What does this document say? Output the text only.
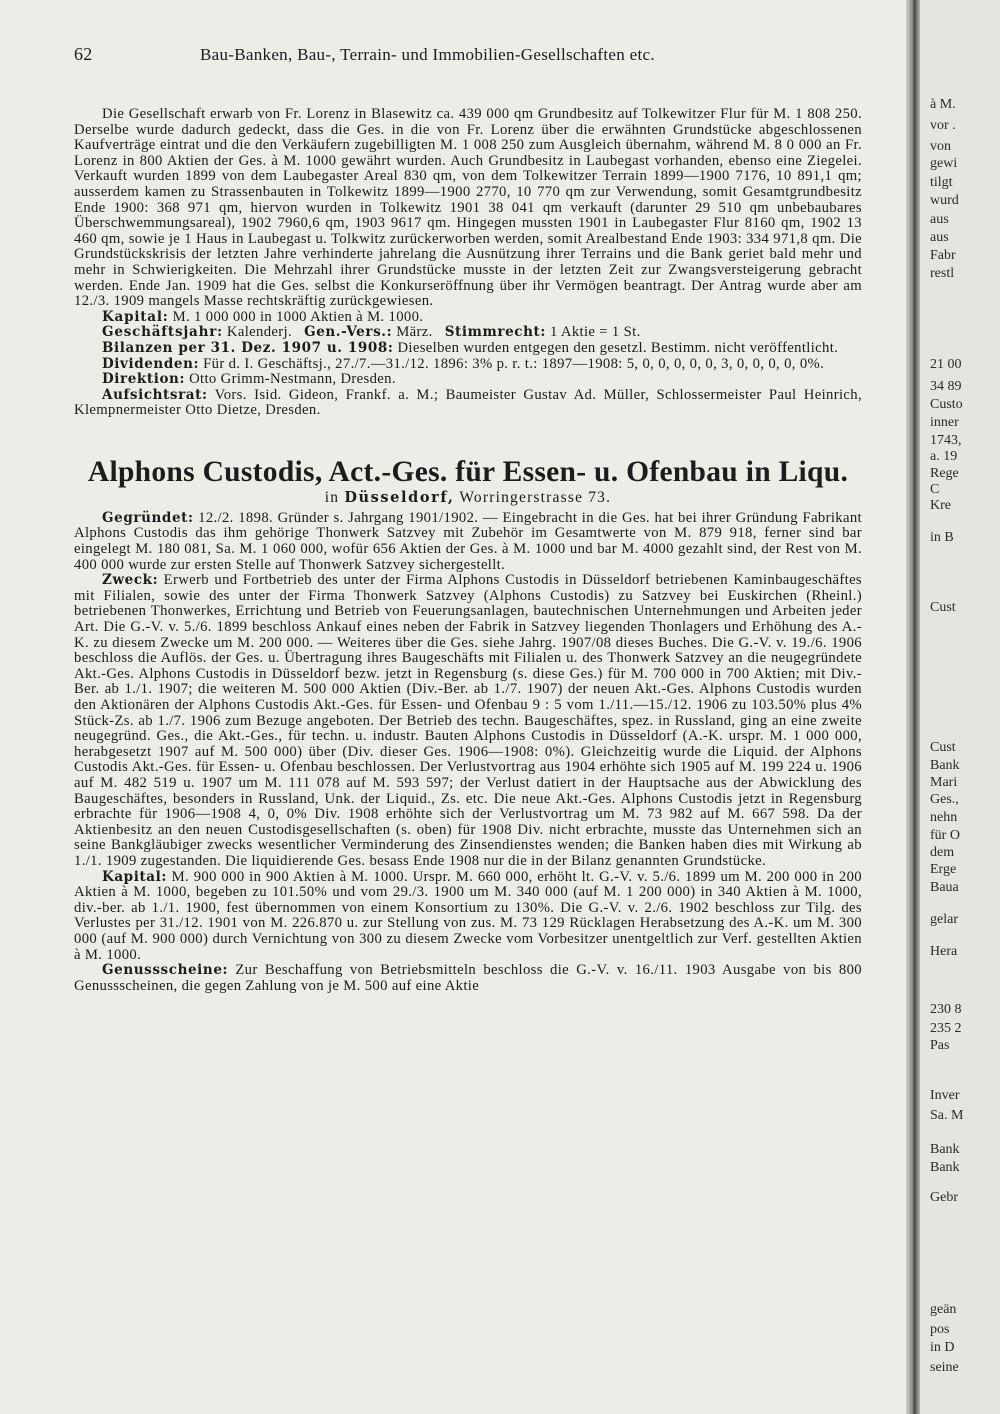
62	Bau-Banken, Bau-, Terrain- und Immobilien-Gesellschaften etc.

Die Gesellschaft erwarb von Fr. Lorenz in Blasewitz ca. 439 000 qm Grundbesitz auf Tolkewitzer Flur für M. 1 808 250. Derselbe wurde dadurch gedeckt, dass die Ges. in die von Fr. Lorenz über die erwähnten Grundstücke abgeschlossenen Kaufverträge eintrat und die den Verkäufern zugebilligten M. 1 008 250 zum Ausgleich übernahm, während M. 8 0 000 an Fr. Lorenz in 800 Aktien der Ges. à M. 1000 gewährt wurden. Auch Grundbesitz in Laubegast vorhanden, ebenso eine Ziegelei. Verkauft wurden 1899 von dem Laubegaster Areal 830 qm, von dem Tolkewitzer Terrain 1899—1900 7176, 10 891,1 qm; ausserdem kamen zu Strassenbauten in Tolkewitz 1899—1900 2770, 10 770 qm zur Verwendung, somit Gesamtgrundbesitz Ende 1900: 368 971 qm, hiervon wurden in Tolkewitz 1901 38 041 qm verkauft (darunter 29 510 qm unbebaubares Überschwemmungsareal), 1902 7960,6 qm, 1903 9617 qm. Hingegen mussten 1901 in Laubegaster Flur 8160 qm, 1902 13 460 qm, sowie je 1 Haus in Laubegast u. Tolkwitz zurückerworben werden, somit Arealbestand Ende 1903: 334 971,8 qm. Die Grundstückskrisis der letzten Jahre verhinderte jahrelang die Ausnützung ihrer Terrains und die Bank geriet bald mehr und mehr in Schwierigkeiten. Die Mehrzahl ihrer Grundstücke musste in der letzten Zeit zur Zwangsversteigerung gebracht werden. Ende Jan. 1909 hat die Ges. selbst die Konkurseröffnung über ihr Vermögen beantragt. Der Antrag wurde aber am 12./3. 1909 mangels Masse rechtskräftig zurückgewiesen.

Kapital: M. 1 000 000 in 1000 Aktien à M. 1000.

Geschäftsjahr: Kalenderj. Gen.-Vers.: März. Stimmrecht: 1 Aktie = 1 St.

Bilanzen per 31. Dez. 1907 u. 1908: Dieselben wurden entgegen den gesetzl. Bestimm. nicht veröffentlicht.

Dividenden: Für d. I. Geschäftsj., 27./7.—31./12. 1896: 3% p. r. t.: 1897—1908: 5, 0, 0, 0, 0, 0, 3, 0, 0, 0, 0, 0%.

Direktion: Otto Grimm-Nestmann, Dresden.

Aufsichtsrat: Vors. Isid. Gideon, Frankf. a. M.; Baumeister Gustav Ad. Müller, Schlossermeister Paul Heinrich, Klempnermeister Otto Dietze, Dresden.

Alphons Custodis, Act.-Ges. für Essen- u. Ofenbau in Liqu.
in Düsseldorf, Worringerstrasse 73.

Gegründet: 12./2. 1898. Gründer s. Jahrgang 1901/1902. — Eingebracht in die Ges. hat bei ihrer Gründung Fabrikant Alphons Custodis das ihm gehörige Thonwerk Satzvey mit Zubehör im Gesamtwerte von M. 879 918, ferner sind bar eingelegt M. 180 081, Sa. M. 1 060 000, wofür 656 Aktien der Ges. à M. 1000 und bar M. 4000 gezahlt sind, der Rest von M. 400 000 wurde zur ersten Stelle auf Thonwerk Satzvey sichergestellt.

Zweck: Erwerb und Fortbetrieb des unter der Firma Alphons Custodis in Düsseldorf betriebenen Kaminbaugeschäftes mit Filialen, sowie des unter der Firma Thonwerk Satzvey (Alphons Custodis) zu Satzvey bei Euskirchen (Rheinl.) betriebenen Thonwerkes, Errichtung und Betrieb von Feuerungsanlagen, bautechnischen Unternehmungen und Arbeiten jeder Art. Die G.-V. v. 5./6. 1899 beschloss Ankauf eines neben der Fabrik in Satzvey liegenden Thonlagers und Erhöhung des A.-K. zu diesem Zwecke um M. 200 000. — Weiteres über die Ges. siehe Jahrg. 1907/08 dieses Buches. Die G.-V. v. 19./6. 1906 beschloss die Auflös. der Ges. u. Übertragung ihres Baugeschäfts mit Filialen u. des Thonwerk Satzvey an die neugegründete Akt.-Ges. Alphons Custodis in Düsseldorf bezw. jetzt in Regensburg (s. diese Ges.) für M. 700 000 in 700 Aktien; mit Div.-Ber. ab 1./1. 1907; die weiteren M. 500 000 Aktien (Div.-Ber. ab 1./7. 1907) der neuen Akt.-Ges. Alphons Custodis wurden den Aktionären der Alphons Custodis Akt.-Ges. für Essen- und Ofenbau 9 : 5 vom 1./11.—15./12. 1906 zu 103.50% plus 4% Stück-Zs. ab 1./7. 1906 zum Bezuge angeboten. Der Betrieb des techn. Baugeschäftes, spez. in Russland, ging an eine zweite neugegründ. Ges., die Akt.-Ges., für techn. u. industr. Bauten Alphons Custodis in Düsseldorf (A.-K. urspr. M. 1 000 000, herabgesetzt 1907 auf M. 500 000) über (Div. dieser Ges. 1906—1908: 0%). Gleichzeitig wurde die Liquid. der Alphons Custodis Akt.-Ges. für Essen- u. Ofenbau beschlossen. Der Verlustvortrag aus 1904 erhöhte sich 1905 auf M. 199 224 u. 1906 auf M. 482 519 u. 1907 um M. 111 078 auf M. 593 597; der Verlust datiert in der Hauptsache aus der Abwicklung des Baugeschäftes, besonders in Russland, Unk. der Liquid., Zs. etc. Die neue Akt.-Ges. Alphons Custodis jetzt in Regensburg erbrachte für 1906—1908 4, 0, 0% Div. 1908 erhöhte sich der Verlustvortrag um M. 73 982 auf M. 667 598. Da der Aktienbesitz an den neuen Custodisgesellschaften (s. oben) für 1908 Div. nicht erbrachte, musste das Unternehmen sich an seine Bankgläubiger zwecks wesentlicher Verminderung des Zinsendienstes wenden; die Banken haben dies mit Wirkung ab 1./1. 1909 zugestanden. Die liquidierende Ges. besass Ende 1908 nur die in der Bilanz genannten Grundstücke.

Kapital: M. 900 000 in 900 Aktien à M. 1000. Urspr. M. 660 000, erhöht lt. G.-V. v. 5./6. 1899 um M. 200 000 in 200 Aktien à M. 1000, begeben zu 101.50% und vom 29./3. 1900 um M. 340 000 (auf M. 1 200 000) in 340 Aktien à M. 1000, div.-ber. ab 1./1. 1900, fest übernommen von einem Konsortium zu 130%. Die G.-V. v. 2./6. 1902 beschloss zur Tilg. des Verlustes per 31./12. 1901 von M. 226.870 u. zur Stellung von zus. M. 73 129 Rücklagen Herabsetzung des A.-K. um M. 300 000 (auf M. 900 000) durch Vernichtung von 300 zu diesem Zwecke vom Vorbesitzer unentgeltlich zur Verf. gestellten Aktien à M. 1000.

Genussscheine: Zur Beschaffung von Betriebsmitteln beschloss die G.-V. v. 16./11. 1903 Ausgabe von bis 800 Genussscheinen, die gegen Zahlung von je M. 500 auf eine Aktie

à M.
vor .
von
gewi
tilgt
wurd
aus
aus
Fabr
restl
21 00
34 89
Custo
inner
1743,
a. 19
Rege
C
Kre
in B
Cust
Cust
Bank
Mari
Ges.,
nehn
für O
dem
Erge
Baua
gelar
Hera
230 8
235 2
Pas
Inver
Sa. M
Bank
Bank
Gebr
geän
pos
in D
seine
